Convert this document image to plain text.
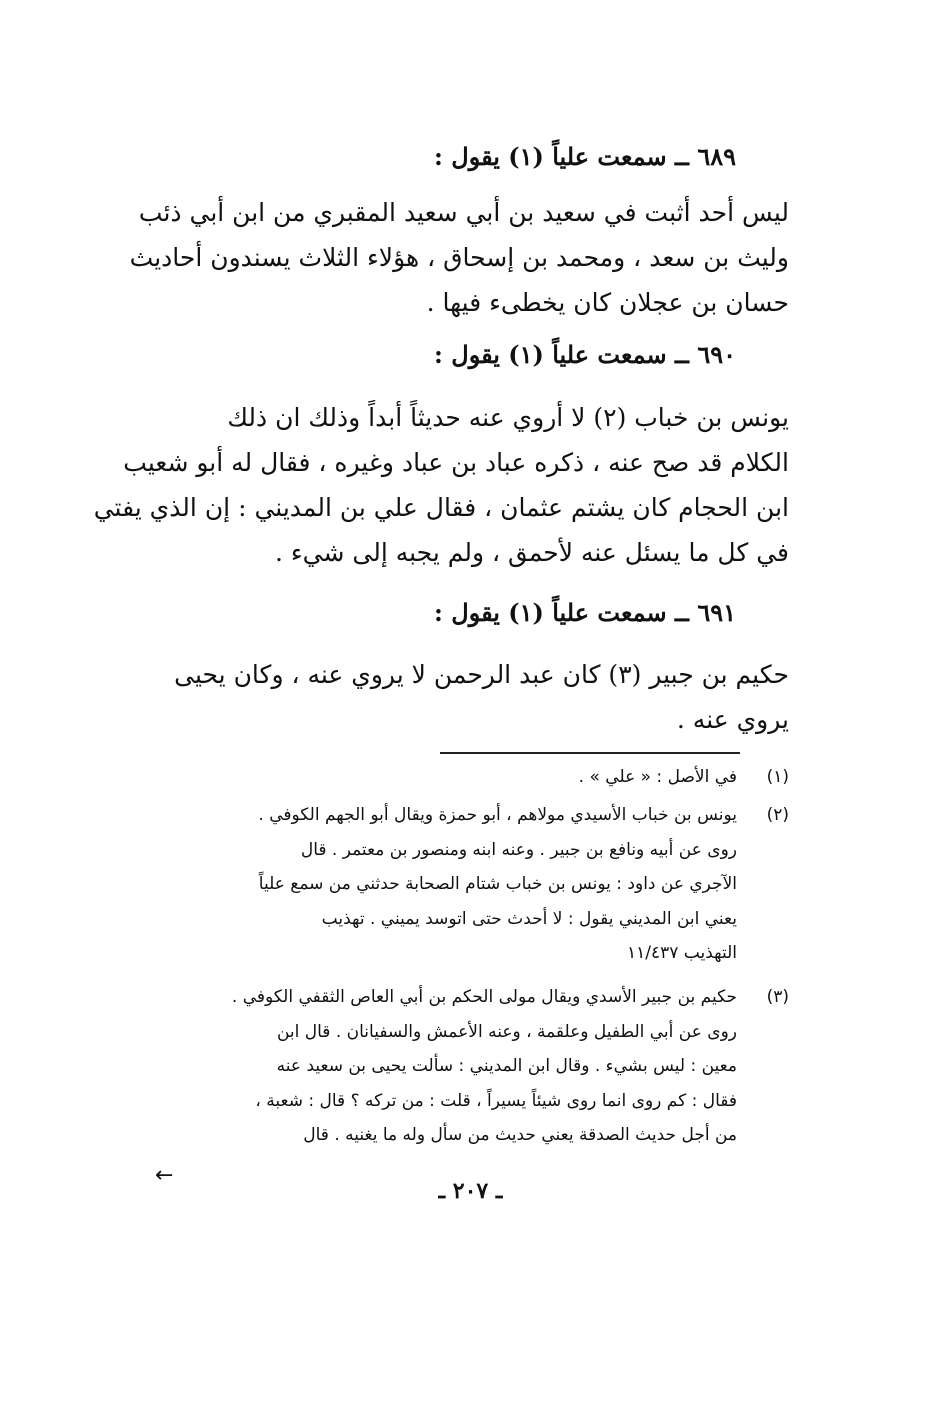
٦٨٩ ــ سمعت علياً (١) يقول :

ليس أحد أثبت في سعيد بن أبي سعيد المقبري من ابن أبي ذئب

وليث بن سعد ، ومحمد بن إسحاق ، هؤلاء الثلاث يسندون أحاديث

حسان بن عجلان كان يخطىء فيها .

٦٩٠ ــ سمعت علياً (١) يقول :

يونس بن خباب (٢) لا أروي عنه حديثاً أبداً وذلك ان ذلك

الكلام قد صح عنه ، ذكره عباد بن عباد وغيره ، فقال له أبو شعيب

ابن الحجام كان يشتم عثمان ، فقال علي بن المديني : إن الذي يفتي

في كل ما يسئل عنه لأحمق ، ولم يجبه إلى شيء .

٦٩١ ــ سمعت علياً (١) يقول :

حكيم بن جبير (٣) كان عبد الرحمن لا يروي عنه ، وكان يحيى

يروي عنه .

(١)

في الأصل : « علي » .

(٢)

يونس بن خباب الأسيدي مولاهم ، أبو حمزة ويقال أبو الجهم الكوفي .

روى عن أبيه ونافع بن جبير . وعنه ابنه ومنصور بن معتمر . قال

الآجري عن داود : يونس بن خباب شتام الصحابة حدثني من سمع علياً

يعني ابن المديني يقول : لا أحدث حتى اتوسد يميني . تهذيب

التهذيب ١١/٤٣٧

(٣)

حكيم بن جبير الأسدي ويقال مولى الحكم بن أبي العاص الثقفي الكوفي .

روى عن أبي الطفيل وعلقمة ، وعنه الأعمش والسفيانان . قال ابن

معين : ليس بشيء . وقال ابن المديني : سألت يحيى بن سعيد عنه

فقال : كم روى انما روى شيئاً يسيراً ، قلت : من تركه ؟ قال : شعبة ،

من أجل حديث الصدقة يعني حديث من سأل وله ما يغنيه . قال

←
ـ ٢٠٧ ـ
